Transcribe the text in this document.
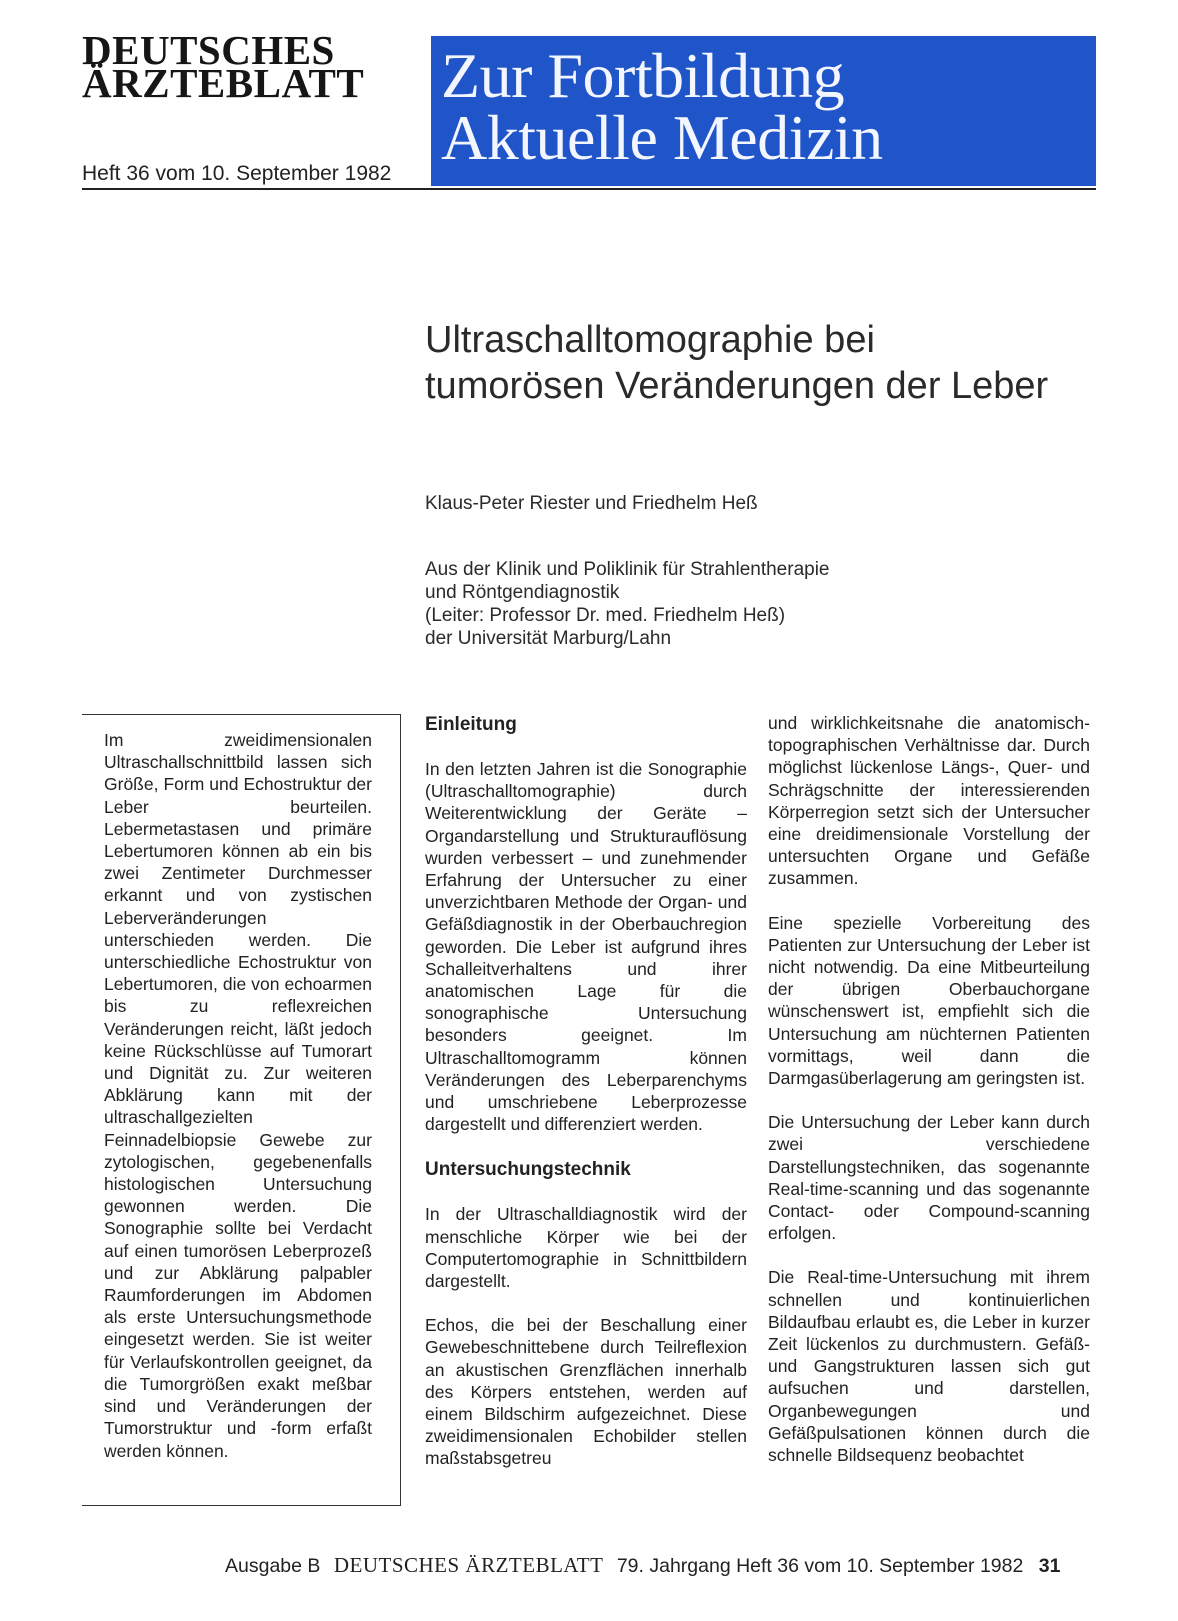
DEUTSCHES
ÄRZTEBLATT
Heft 36 vom 10. September 1982
Zur Fortbildung
Aktuelle Medizin
Ultraschalltomographie bei
tumorösen Veränderungen der Leber
Klaus-Peter Riester und Friedhelm Heß
Aus der Klinik und Poliklinik für Strahlentherapie
und Röntgendiagnostik
(Leiter: Professor Dr. med. Friedhelm Heß)
der Universität Marburg/Lahn
Im zweidimensionalen Ultraschallschnittbild lassen sich Größe, Form und Echostruktur der Leber beurteilen. Lebermetastasen und primäre Lebertumoren können ab ein bis zwei Zentimeter Durchmesser erkannt und von zystischen Leberveränderungen unterschieden werden. Die unterschiedliche Echostruktur von Lebertumoren, die von echoarmen bis zu reflexreichen Veränderungen reicht, läßt jedoch keine Rückschlüsse auf Tumorart und Dignität zu. Zur weiteren Abklärung kann mit der ultraschallgezielten Feinnadelbiopsie Gewebe zur zytologischen, gegebenenfalls histologischen Untersuchung gewonnen werden. Die Sonographie sollte bei Verdacht auf einen tumorösen Leberprozeß und zur Abklärung palpabler Raumforderungen im Abdomen als erste Untersuchungsmethode eingesetzt werden. Sie ist weiter für Verlaufskontrollen geeignet, da die Tumorgrößen exakt meßbar sind und Veränderungen der Tumorstruktur und -form erfaßt werden können.
Einleitung

In den letzten Jahren ist die Sonographie (Ultraschalltomographie) durch Weiterentwicklung der Geräte – Organdarstellung und Strukturauflösung wurden verbessert – und zunehmender Erfahrung der Untersucher zu einer unverzichtbaren Methode der Organ- und Gefäßdiagnostik in der Oberbauchregion geworden. Die Leber ist aufgrund ihres Schalleitverhaltens und ihrer anatomischen Lage für die sonographische Untersuchung besonders geeignet. Im Ultraschalltomogramm können Veränderungen des Leberparenchyms und umschriebene Leberprozesse dargestellt und differenziert werden.

Untersuchungstechnik

In der Ultraschalldiagnostik wird der menschliche Körper wie bei der Computertomographie in Schnittbildern dargestellt.

Echos, die bei der Beschallung einer Gewebeschnittebene durch Teilreflexion an akustischen Grenzflächen innerhalb des Körpers entstehen, werden auf einem Bildschirm aufgezeichnet. Diese zweidimensionalen Echobilder stellen maßstabsgetreu

und wirklichkeitsnahe die anatomisch-topographischen Verhältnisse dar. Durch möglichst lückenlose Längs-, Quer- und Schrägschnitte der interessierenden Körperregion setzt sich der Untersucher eine dreidimensionale Vorstellung der untersuchten Organe und Gefäße zusammen.

Eine spezielle Vorbereitung des Patienten zur Untersuchung der Leber ist nicht notwendig. Da eine Mitbeurteilung der übrigen Oberbauchorgane wünschenswert ist, empfiehlt sich die Untersuchung am nüchternen Patienten vormittags, weil dann die Darmgasüberlagerung am geringsten ist.

Die Untersuchung der Leber kann durch zwei verschiedene Darstellungstechniken, das sogenannte Real-time-scanning und das sogenannte Contact- oder Compound-scanning erfolgen.

Die Real-time-Untersuchung mit ihrem schnellen und kontinuierlichen Bildaufbau erlaubt es, die Leber in kurzer Zeit lückenlos zu durchmustern. Gefäß- und Gangstrukturen lassen sich gut aufsuchen und darstellen, Organbewegungen und Gefäßpulsationen können durch die schnelle Bildsequenz beobachtet

Ausgabe B DEUTSCHES ÄRZTEBLATT 79. Jahrgang Heft 36 vom 10. September 1982 31
